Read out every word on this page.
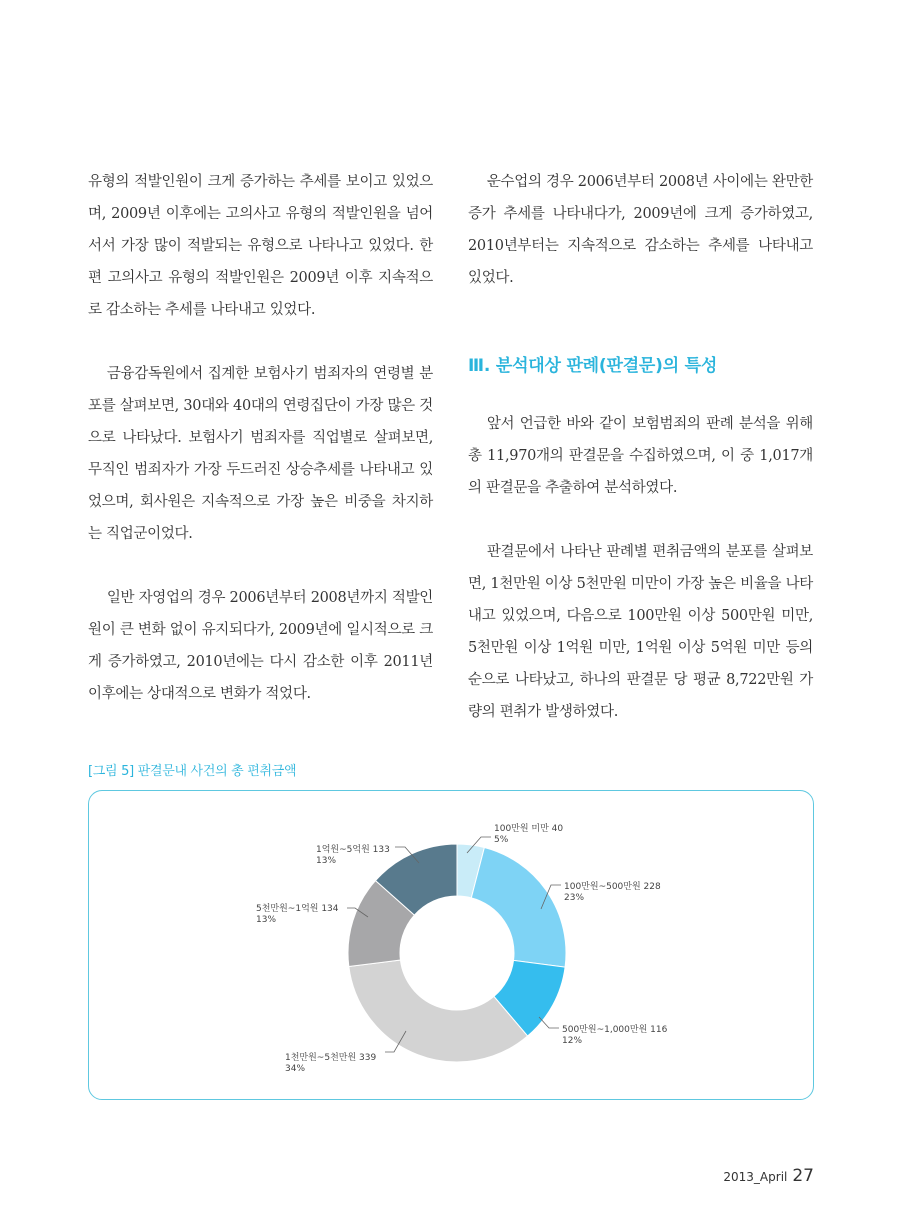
유형의 적발인원이 크게 증가하는 추세를 보이고 있었으며, 2009년 이후에는 고의사고 유형의 적발인원을 넘어서서 가장 많이 적발되는 유형으로 나타나고 있었다. 한편 고의사고 유형의 적발인원은 2009년 이후 지속적으로 감소하는 추세를 나타내고 있었다.

금융감독원에서 집계한 보험사기 범죄자의 연령별 분포를 살펴보면, 30대와 40대의 연령집단이 가장 많은 것으로 나타났다. 보험사기 범죄자를 직업별로 살펴보면, 무직인 범죄자가 가장 두드러진 상승추세를 나타내고 있었으며, 회사원은 지속적으로 가장 높은 비중을 차지하는 직업군이었다.

일반 자영업의 경우 2006년부터 2008년까지 적발인원이 큰 변화 없이 유지되다가, 2009년에 일시적으로 크게 증가하였고, 2010년에는 다시 감소한 이후 2011년 이후에는 상대적으로 변화가 적었다.

운수업의 경우 2006년부터 2008년 사이에는 완만한 증가 추세를 나타내다가, 2009년에 크게 증가하였고, 2010년부터는 지속적으로 감소하는 추세를 나타내고 있었다.

Ⅲ. 분석대상 판례(판결문)의 특성

앞서 언급한 바와 같이 보험범죄의 판례 분석을 위해 총 11,970개의 판결문을 수집하였으며, 이 중 1,017개의 판결문을 추출하여 분석하였다.

판결문에서 나타난 판례별 편취금액의 분포를 살펴보면, 1천만원 이상 5천만원 미만이 가장 높은 비율을 나타내고 있었으며, 다음으로 100만원 이상 500만원 미만, 5천만원 이상 1억원 미만, 1억원 이상 5억원 미만 등의 순으로 나타났고, 하나의 판결문 당 평균 8,722만원 가량의 편취가 발생하였다.

[그림 5] 판결문내 사건의 총 편취금액
100만원 미만 40
5%
100만원~500만원 228
23%
500만원~1,000만원 116
12%
1천만원~5천만원 339
34%
5천만원~1억원 134
13%
1억원~5억원 133
13%
2013_April 27
